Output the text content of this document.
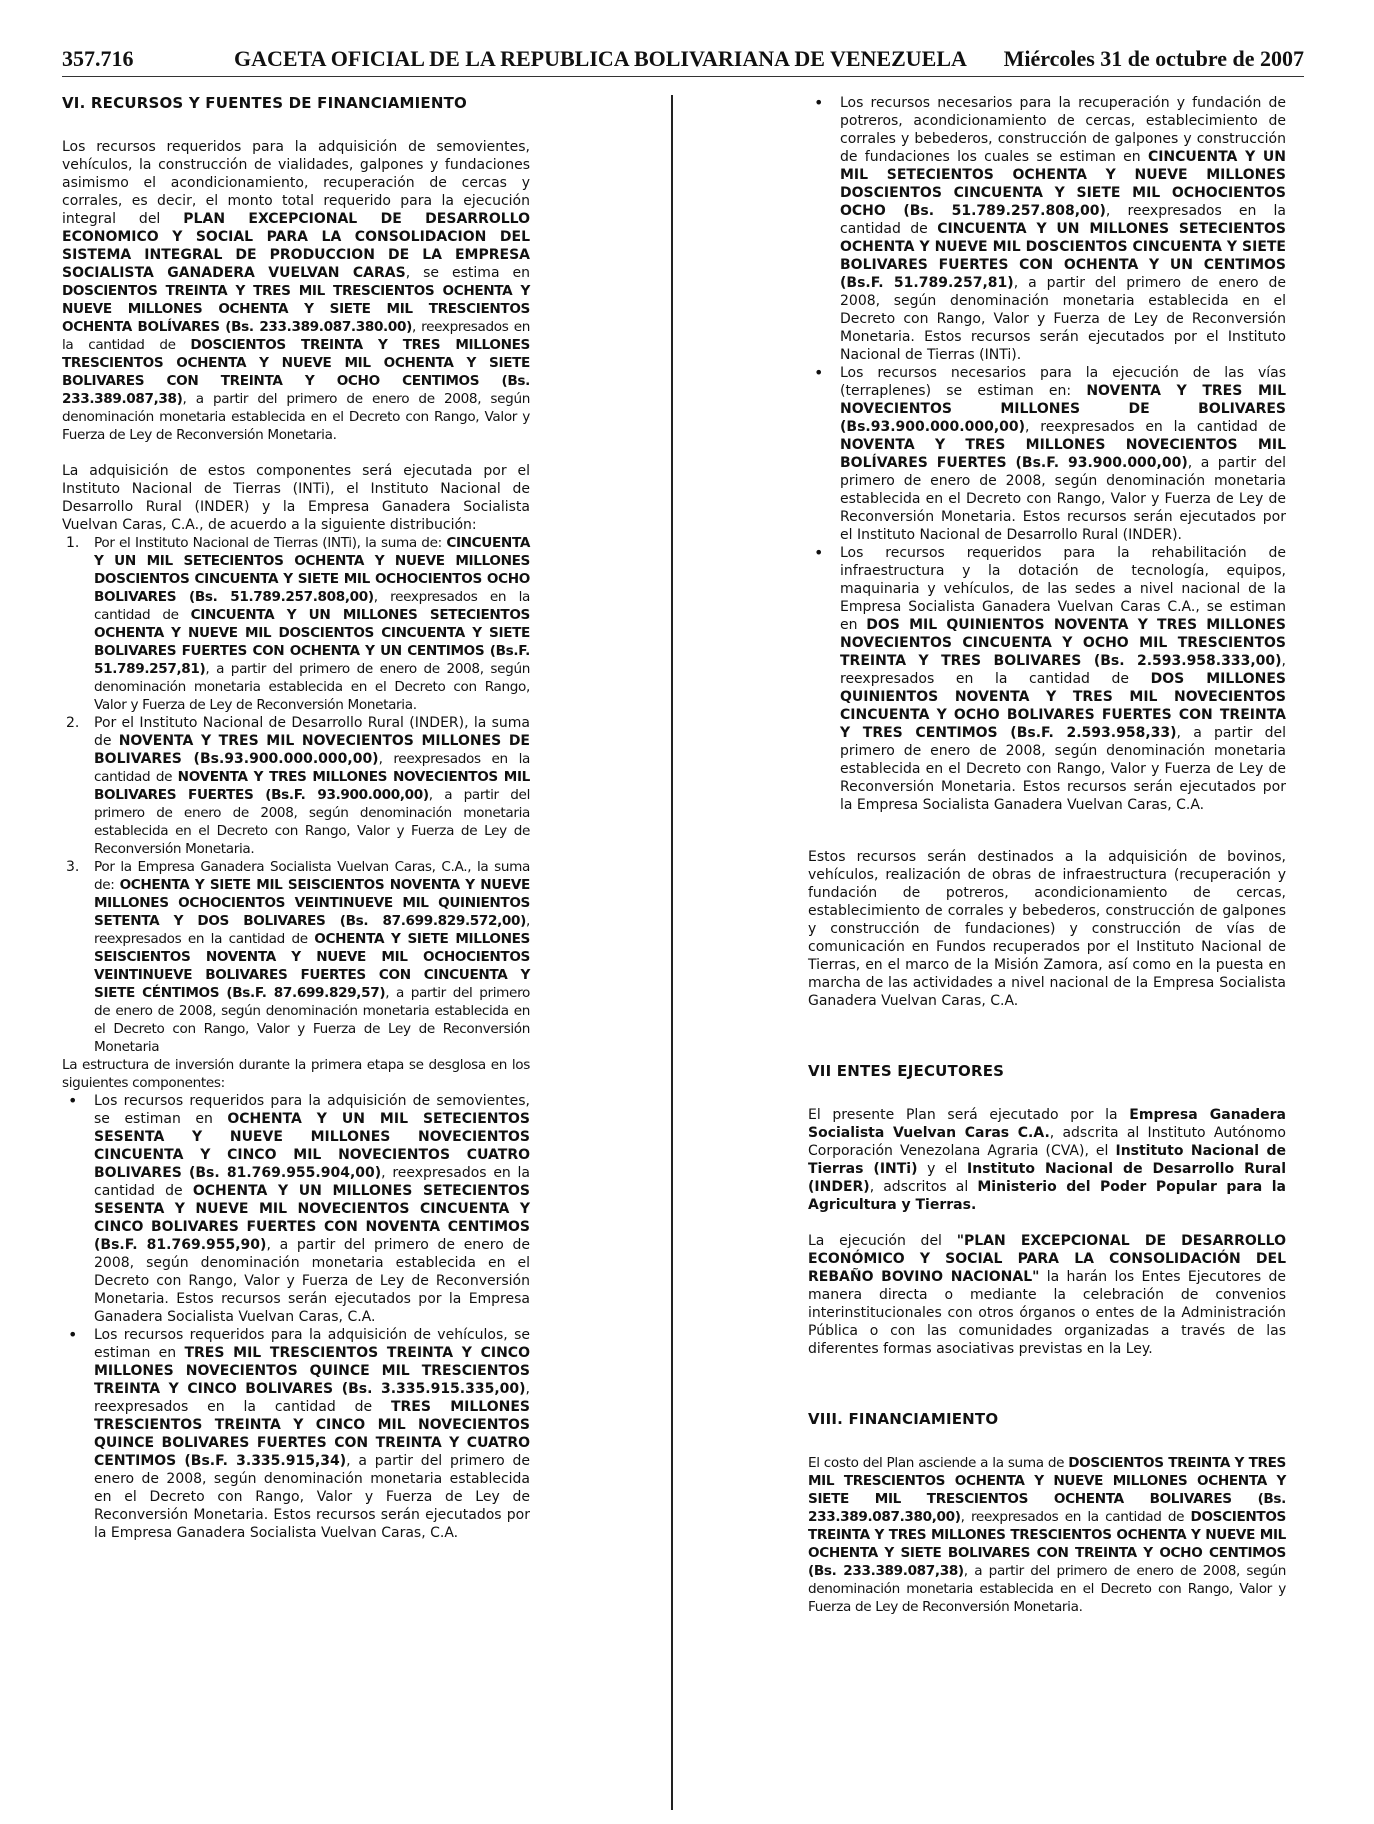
357.716	GACETA OFICIAL DE LA REPUBLICA BOLIVARIANA DE VENEZUELA Miércoles 31 de octubre de 2007

VI. RECURSOS Y FUENTES DE FINANCIAMIENTO

Los recursos requeridos para la adquisición de semovientes, vehículos, la construcción de vialidades, galpones y fundaciones asimismo el acondicionamiento, recuperación de cercas y corrales, es decir, el monto total requerido para la ejecución integral del PLAN EXCEPCIONAL DE DESARROLLO ECONOMICO Y SOCIAL PARA LA CONSOLIDACION DEL SISTEMA INTEGRAL DE PRODUCCION DE LA EMPRESA SOCIALISTA GANADERA VUELVAN CARAS, se estima en DOSCIENTOS TREINTA Y TRES MIL TRESCIENTOS OCHENTA Y NUEVE MILLONES OCHENTA Y SIETE MIL TRESCIENTOS OCHENTA BOLÍVARES (Bs. 233.389.087.380.00), reexpresados en la cantidad de DOSCIENTOS TREINTA Y TRES MILLONES TRESCIENTOS OCHENTA Y NUEVE MIL OCHENTA Y SIETE BOLIVARES CON TREINTA Y OCHO CENTIMOS (Bs. 233.389.087,38), a partir del primero de enero de 2008, según denominación monetaria establecida en el Decreto con Rango, Valor y Fuerza de Ley de Reconversión Monetaria.

La adquisición de estos componentes será ejecutada por el Instituto Nacional de Tierras (INTi), el Instituto Nacional de Desarrollo Rural (INDER) y la Empresa Ganadera Socialista Vuelvan Caras, C.A., de acuerdo a la siguiente distribución:

1. Por el Instituto Nacional de Tierras (INTi), la suma de: CINCUENTA Y UN MIL SETECIENTOS OCHENTA Y NUEVE MILLONES DOSCIENTOS CINCUENTA Y SIETE MIL OCHOCIENTOS OCHO BOLIVARES (Bs. 51.789.257.808,00), reexpresados en la cantidad de CINCUENTA Y UN MILLONES SETECIENTOS OCHENTA Y NUEVE MIL DOSCIENTOS CINCUENTA Y SIETE BOLIVARES FUERTES CON OCHENTA Y UN CENTIMOS (Bs.F. 51.789.257,81), a partir del primero de enero de 2008, según denominación monetaria establecida en el Decreto con Rango, Valor y Fuerza de Ley de Reconversión Monetaria.
2. Por el Instituto Nacional de Desarrollo Rural (INDER), la suma de NOVENTA Y TRES MIL NOVECIENTOS MILLONES DE BOLIVARES (Bs.93.900.000.000,00), reexpresados en la cantidad de NOVENTA Y TRES MILLONES NOVECIENTOS MIL BOLIVARES FUERTES (Bs.F. 93.900.000,00), a partir del primero de enero de 2008, según denominación monetaria establecida en el Decreto con Rango, Valor y Fuerza de Ley de Reconversión Monetaria.
3. Por la Empresa Ganadera Socialista Vuelvan Caras, C.A., la suma de: OCHENTA Y SIETE MIL SEISCIENTOS NOVENTA Y NUEVE MILLONES OCHOCIENTOS VEINTINUEVE MIL QUINIENTOS SETENTA Y DOS BOLIVARES (Bs. 87.699.829.572,00), reexpresados en la cantidad de OCHENTA Y SIETE MILLONES SEISCIENTOS NOVENTA Y NUEVE MIL OCHOCIENTOS VEINTINUEVE BOLIVARES FUERTES CON CINCUENTA Y SIETE CÉNTIMOS (Bs.F. 87.699.829,57), a partir del primero de enero de 2008, según denominación monetaria establecida en el Decreto con Rango, Valor y Fuerza de Ley de Reconversión Monetaria

La estructura de inversión durante la primera etapa se desglosa en los siguientes componentes:

• Los recursos requeridos para la adquisición de semovientes, se estiman en OCHENTA Y UN MIL SETECIENTOS SESENTA Y NUEVE MILLONES NOVECIENTOS CINCUENTA Y CINCO MIL NOVECIENTOS CUATRO BOLIVARES (Bs. 81.769.955.904,00), reexpresados en la cantidad de OCHENTA Y UN MILLONES SETECIENTOS SESENTA Y NUEVE MIL NOVECIENTOS CINCUENTA Y CINCO BOLIVARES FUERTES CON NOVENTA CENTIMOS (Bs.F. 81.769.955,90), a partir del primero de enero de 2008, según denominación monetaria establecida en el Decreto con Rango, Valor y Fuerza de Ley de Reconversión Monetaria. Estos recursos serán ejecutados por la Empresa Ganadera Socialista Vuelvan Caras, C.A.
• Los recursos requeridos para la adquisición de vehículos, se estiman en TRES MIL TRESCIENTOS TREINTA Y CINCO MILLONES NOVECIENTOS QUINCE MIL TRESCIENTOS TREINTA Y CINCO BOLIVARES (Bs. 3.335.915.335,00), reexpresados en la cantidad de TRES MILLONES TRESCIENTOS TREINTA Y CINCO MIL NOVECIENTOS QUINCE BOLIVARES FUERTES CON TREINTA Y CUATRO CENTIMOS (Bs.F. 3.335.915,34), a partir del primero de enero de 2008, según denominación monetaria establecida en el Decreto con Rango, Valor y Fuerza de Ley de Reconversión Monetaria. Estos recursos serán ejecutados por la Empresa Ganadera Socialista Vuelvan Caras, C.A.
• Los recursos necesarios para la recuperación y fundación de potreros, acondicionamiento de cercas, establecimiento de corrales y bebederos, construcción de galpones y construcción de fundaciones los cuales se estiman en CINCUENTA Y UN MIL SETECIENTOS OCHENTA Y NUEVE MILLONES DOSCIENTOS CINCUENTA Y SIETE MIL OCHOCIENTOS OCHO (Bs. 51.789.257.808,00), reexpresados en la cantidad de CINCUENTA Y UN MILLONES SETECIENTOS OCHENTA Y NUEVE MIL DOSCIENTOS CINCUENTA Y SIETE BOLIVARES FUERTES CON OCHENTA Y UN CENTIMOS (Bs.F. 51.789.257,81), a partir del primero de enero de 2008, según denominación monetaria establecida en el Decreto con Rango, Valor y Fuerza de Ley de Reconversión Monetaria. Estos recursos serán ejecutados por el Instituto Nacional de Tierras (INTi).
• Los recursos necesarios para la ejecución de las vías (terraplenes) se estiman en: NOVENTA Y TRES MIL NOVECIENTOS MILLONES DE BOLIVARES (Bs.93.900.000.000,00), reexpresados en la cantidad de NOVENTA Y TRES MILLONES NOVECIENTOS MIL BOLÍVARES FUERTES (Bs.F. 93.900.000,00), a partir del primero de enero de 2008, según denominación monetaria establecida en el Decreto con Rango, Valor y Fuerza de Ley de Reconversión Monetaria. Estos recursos serán ejecutados por el Instituto Nacional de Desarrollo Rural (INDER).
• Los recursos requeridos para la rehabilitación de infraestructura y la dotación de tecnología, equipos, maquinaria y vehículos, de las sedes a nivel nacional de la Empresa Socialista Ganadera Vuelvan Caras C.A., se estiman en DOS MIL QUINIENTOS NOVENTA Y TRES MILLONES NOVECIENTOS CINCUENTA Y OCHO MIL TRESCIENTOS TREINTA Y TRES BOLIVARES (Bs. 2.593.958.333,00), reexpresados en la cantidad de DOS MILLONES QUINIENTOS NOVENTA Y TRES MIL NOVECIENTOS CINCUENTA Y OCHO BOLIVARES FUERTES CON TREINTA Y TRES CENTIMOS (Bs.F. 2.593.958,33), a partir del primero de enero de 2008, según denominación monetaria establecida en el Decreto con Rango, Valor y Fuerza de Ley de Reconversión Monetaria. Estos recursos serán ejecutados por la Empresa Socialista Ganadera Vuelvan Caras, C.A.

Estos recursos serán destinados a la adquisición de bovinos, vehículos, realización de obras de infraestructura (recuperación y fundación de potreros, acondicionamiento de cercas, establecimiento de corrales y bebederos, construcción de galpones y construcción de fundaciones) y construcción de vías de comunicación en Fundos recuperados por el Instituto Nacional de Tierras, en el marco de la Misión Zamora, así como en la puesta en marcha de las actividades a nivel nacional de la Empresa Socialista Ganadera Vuelvan Caras, C.A.

VII ENTES EJECUTORES

El presente Plan será ejecutado por la Empresa Ganadera Socialista Vuelvan Caras C.A., adscrita al Instituto Autónomo Corporación Venezolana Agraria (CVA), el Instituto Nacional de Tierras (INTi) y el Instituto Nacional de Desarrollo Rural (INDER), adscritos al Ministerio del Poder Popular para la Agricultura y Tierras.

La ejecución del "PLAN EXCEPCIONAL DE DESARROLLO ECONÓMICO Y SOCIAL PARA LA CONSOLIDACIÓN DEL REBAÑO BOVINO NACIONAL" la harán los Entes Ejecutores de manera directa o mediante la celebración de convenios interinstitucionales con otros órganos o entes de la Administración Pública o con las comunidades organizadas a través de las diferentes formas asociativas previstas en la Ley.

VIII. FINANCIAMIENTO

El costo del Plan asciende a la suma de DOSCIENTOS TREINTA Y TRES MIL TRESCIENTOS OCHENTA Y NUEVE MILLONES OCHENTA Y SIETE MIL TRESCIENTOS OCHENTA BOLIVARES (Bs. 233.389.087.380,00), reexpresados en la cantidad de DOSCIENTOS TREINTA Y TRES MILLONES TRESCIENTOS OCHENTA Y NUEVE MIL OCHENTA Y SIETE BOLIVARES CON TREINTA Y OCHO CENTIMOS (Bs. 233.389.087,38), a partir del primero de enero de 2008, según denominación monetaria establecida en el Decreto con Rango, Valor y Fuerza de Ley de Reconversión Monetaria.
